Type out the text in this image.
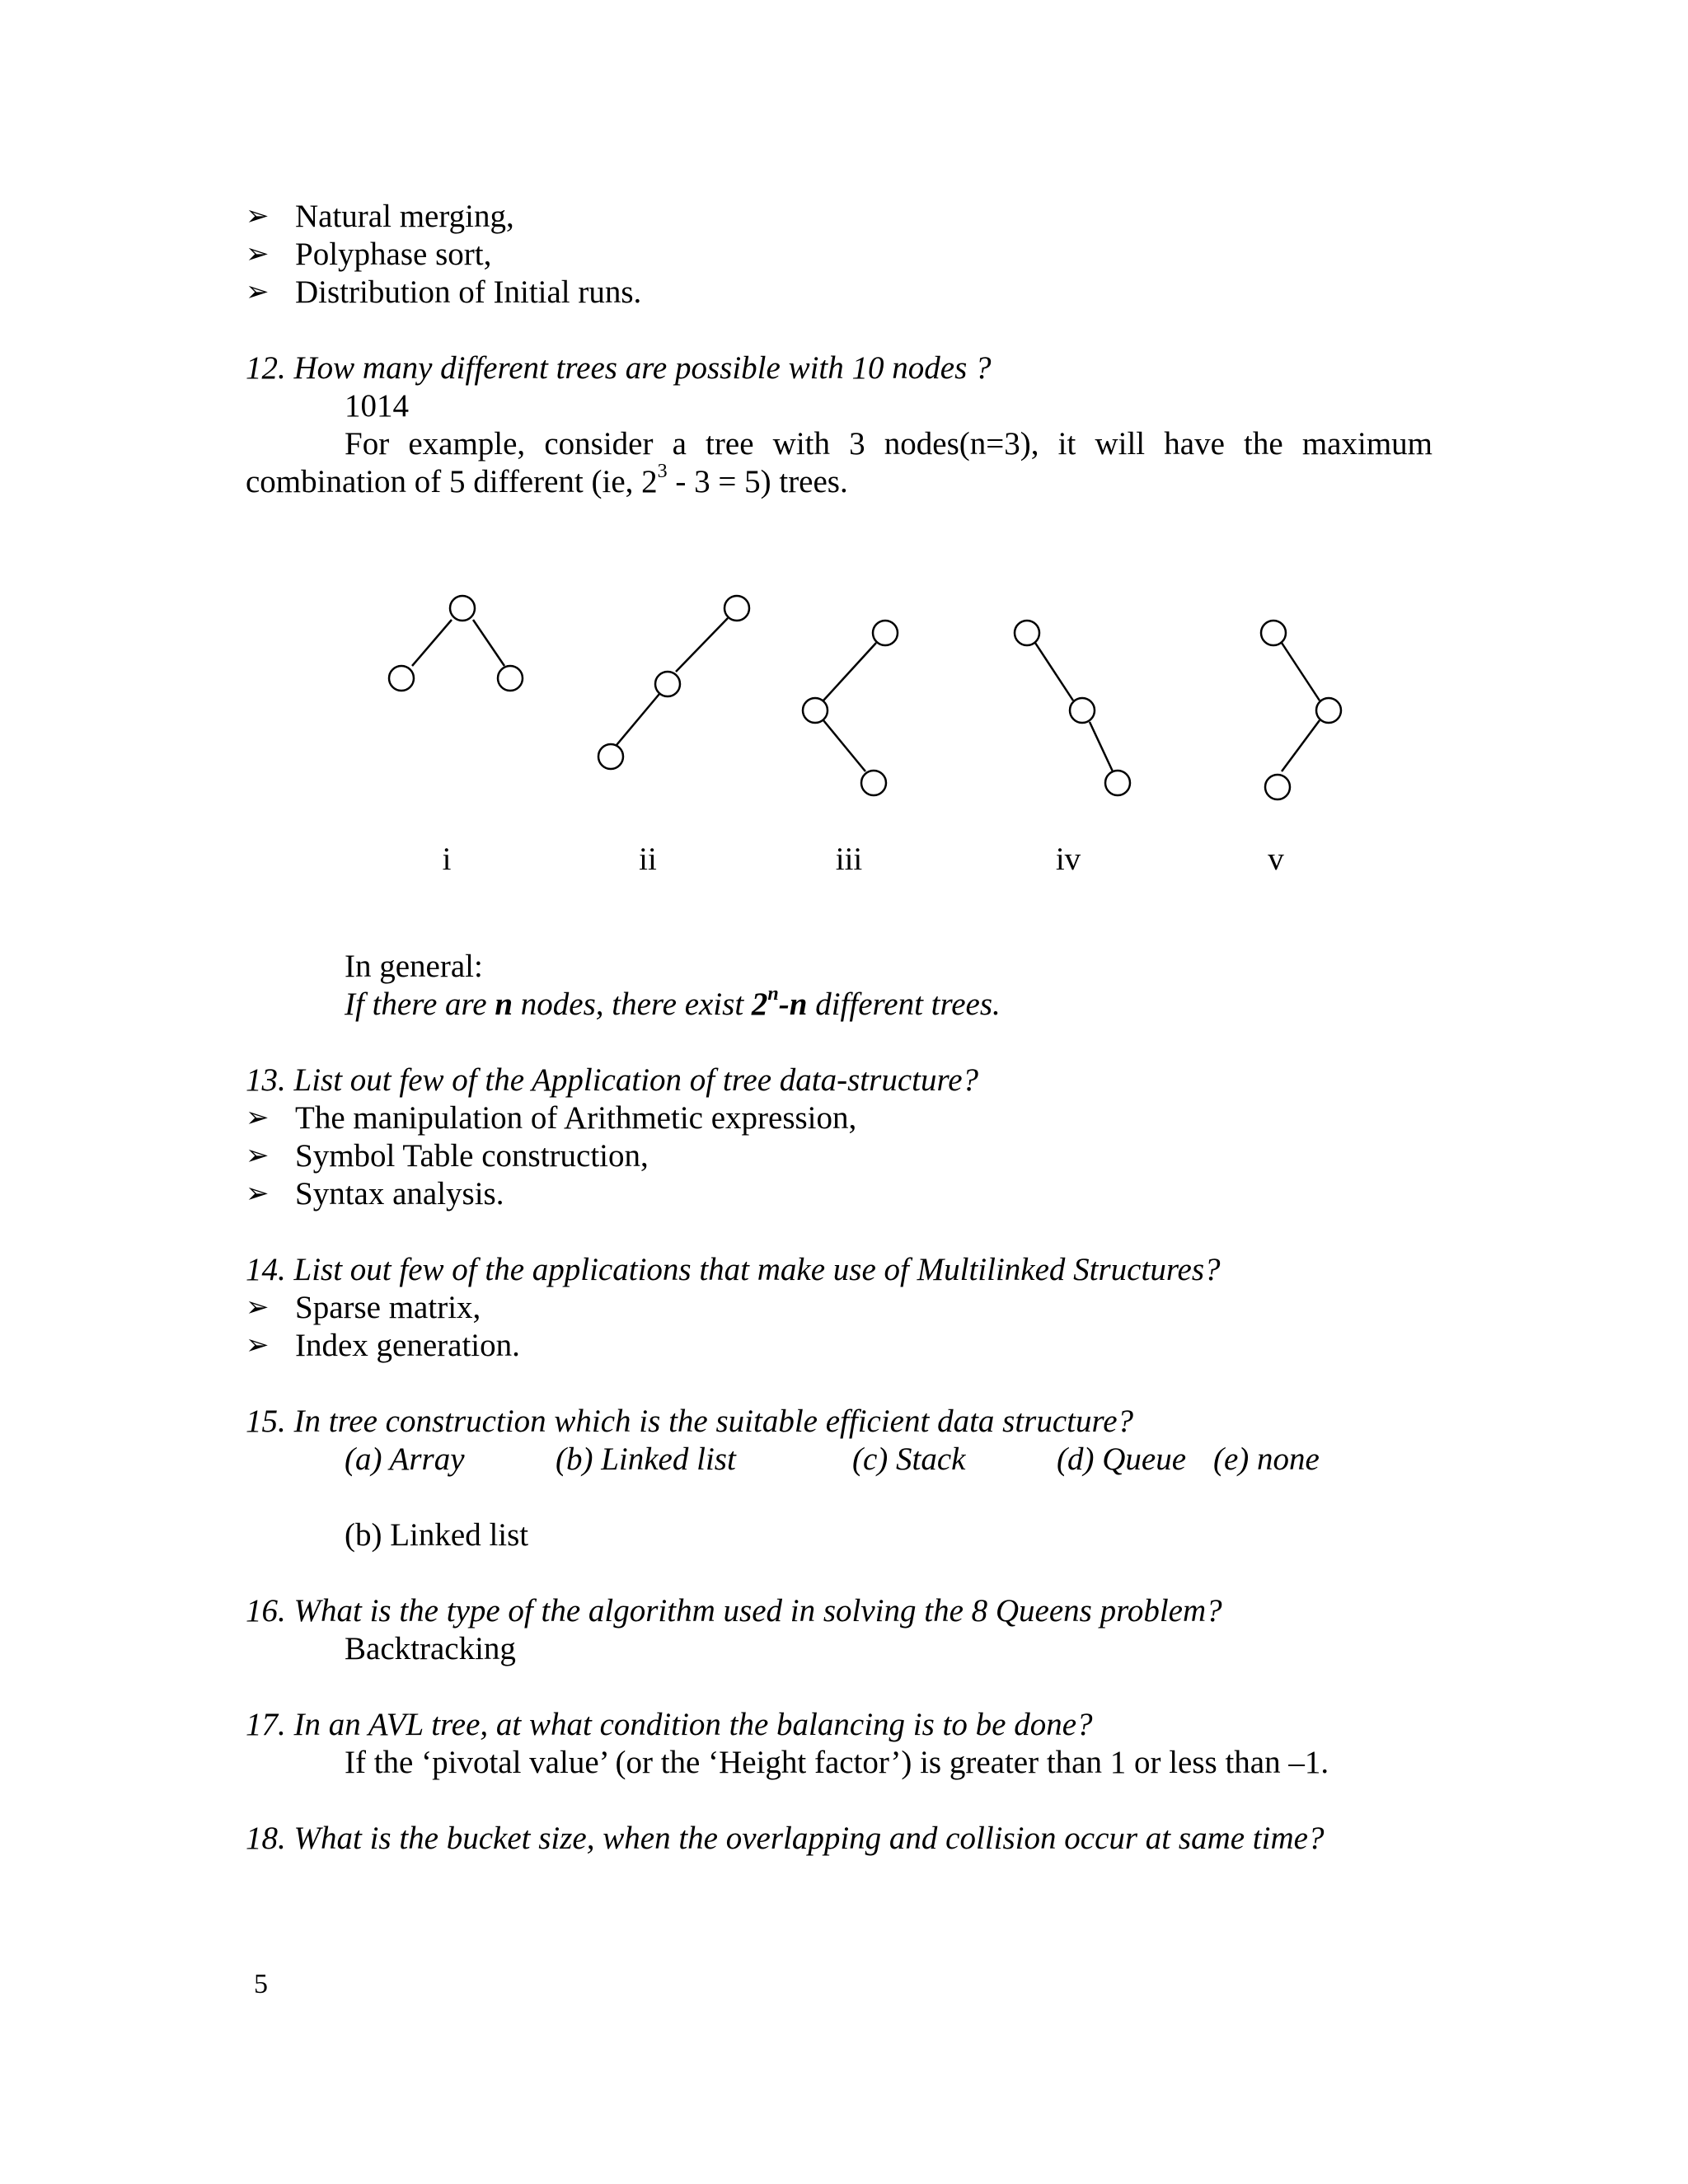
➢ Natural merging,
➢ Polyphase sort,
➢ Distribution of Initial runs.
12. How many different trees are possible with 10 nodes ?
1014
For example, consider a tree with 3 nodes(n=3), it will have the maximum
combination of 5 different (ie, $2^3 - 3 = 5$) trees.
i	ii	iii	iv	v
In general:
If there are n nodes, there exist 2$^n$-n different trees.
13. List out few of the Application of tree data-structure?
➢ The manipulation of Arithmetic expression,
➢ Symbol Table construction,
➢ Syntax analysis.
14. List out few of the applications that make use of Multilinked Structures?
➢ Sparse matrix,
➢ Index generation.
15. In tree construction which is the suitable efficient data structure?
(a) Array	(b) Linked list	(c) Stack	(d) Queue (e) none
(b) Linked list
16. What is the type of the algorithm used in solving the 8 Queens problem?
Backtracking
17. In an AVL tree, at what condition the balancing is to be done?
If the ‘pivotal value’ (or the ‘Height factor’) is greater than 1 or less than –1.
18. What is the bucket size, when the overlapping and collision occur at same time?
5
